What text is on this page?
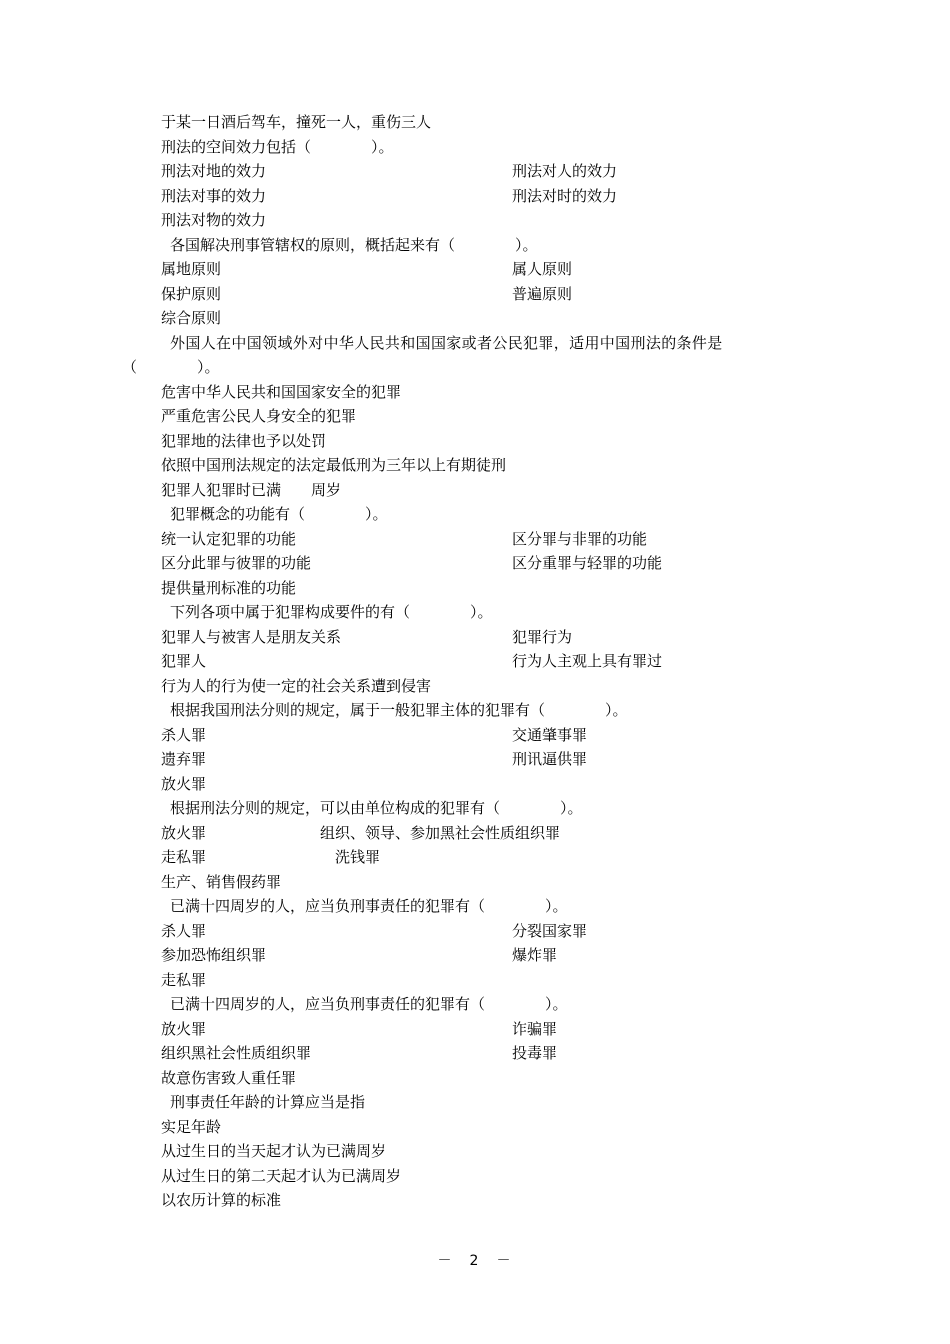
于某一日酒后驾车，撞死一人，重伤三人
刑法的空间效力包括（　　　　）。
刑法对地的效力	刑法对人的效力
刑法对事的效力	刑法对时的效力
刑法对物的效力
各国解决刑事管辖权的原则，概括起来有（　　　　）。
属地原则	属人原则
保护原则	普遍原则
综合原则
外国人在中国领域外对中华人民共和国国家或者公民犯罪，适用中国刑法的条件是
（　　　　）。
危害中华人民共和国国家安全的犯罪
严重危害公民人身安全的犯罪
犯罪地的法律也予以处罚
依照中国刑法规定的法定最低刑为三年以上有期徒刑
犯罪人犯罪时已满　　周岁
犯罪概念的功能有（　　　　）。
统一认定犯罪的功能	区分罪与非罪的功能
区分此罪与彼罪的功能	区分重罪与轻罪的功能
提供量刑标准的功能
下列各项中属于犯罪构成要件的有（　　　　）。
犯罪人与被害人是朋友关系	犯罪行为
犯罪人	行为人主观上具有罪过
行为人的行为使一定的社会关系遭到侵害
根据我国刑法分则的规定，属于一般犯罪主体的犯罪有（　　　　）。
杀人罪	交通肇事罪
遗弃罪	刑讯逼供罪
放火罪
根据刑法分则的规定，可以由单位构成的犯罪有（　　　　）。
放火罪	组织、领导、参加黑社会性质组织罪
走私罪	洗钱罪
生产、销售假药罪
已满十四周岁的人，应当负刑事责任的犯罪有（　　　　）。
杀人罪	分裂国家罪
参加恐怖组织罪	爆炸罪
走私罪
已满十四周岁的人，应当负刑事责任的犯罪有（　　　　）。
放火罪	诈骗罪
组织黑社会性质组织罪	投毒罪
故意伤害致人重任罪
刑事责任年龄的计算应当是指
实足年龄
从过生日的当天起才认为已满周岁
从过生日的第二天起才认为已满周岁
以农历计算的标准
－　2　－
